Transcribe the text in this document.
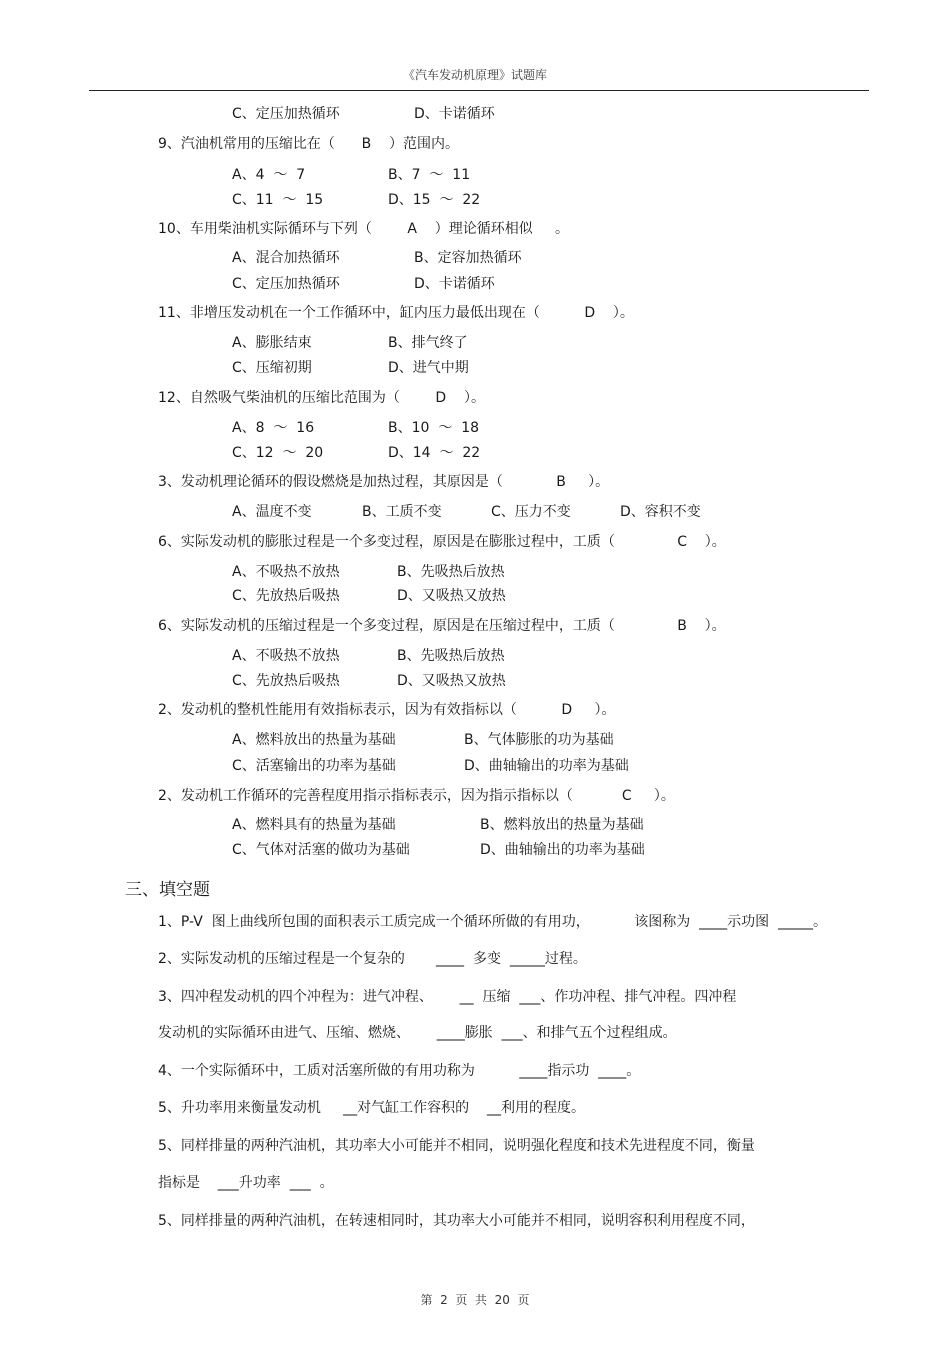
《汽车发动机原理》试题库
C、定压加热循环	D、卡诺循环
9、汽油机常用的压缩比在（      B    ）范围内。
A、4  ～  7	B、7  ～  11
C、11  ～  15	D、15  ～  22
10、车用柴油机实际循环与下列（        A    ）理论循环相似     。
A、混合加热循环	B、定容加热循环
C、定压加热循环	D、卡诺循环
11、非增压发动机在一个工作循环中，缸内压力最低出现在（          D    ）。
A、膨胀结束	B、排气终了
C、压缩初期	D、进气中期
12、自然吸气柴油机的压缩比范围为（        D    ）。
A、8  ～  16	B、10  ～  18
C、12  ～  20	D、14  ～  22
3、发动机理论循环的假设燃烧是加热过程，其原因是（            B     ）。
A、温度不变	B、工质不变	C、压力不变	D、容积不变
6、实际发动机的膨胀过程是一个多变过程，原因是在膨胀过程中，工质（              C    ）。
A、不吸热不放热	B、先吸热后放热
C、先放热后吸热	D、又吸热又放热
6、实际发动机的压缩过程是一个多变过程，原因是在压缩过程中，工质（              B    ）。
A、不吸热不放热	B、先吸热后放热
C、先放热后吸热	D、又吸热又放热
2、发动机的整机性能用有效指标表示，因为有效指标以（          D     ）。
A、燃料放出的热量为基础	B、气体膨胀的功为基础
C、活塞输出的功率为基础	D、曲轴输出的功率为基础
2、发动机工作循环的完善程度用指示指标表示，因为指示指标以（           C     ）。
A、燃料具有的热量为基础	B、燃料放出的热量为基础
C、气体对活塞的做功为基础	D、曲轴输出的功率为基础
三、填空题
1、P-V  图上曲线所包围的面积表示工质完成一个循环所做的有用功，          该图称为  ____示功图  _____。
2、实际发动机的压缩过程是一个复杂的       ____  多变  _____过程。
3、四冲程发动机的四个冲程为：进气冲程、      __  压缩  ___、作功冲程、排气冲程。四冲程
发动机的实际循环由进气、压缩、燃烧、      ____膨胀  ___、和排气五个过程组成。
4、一个实际循环中，工质对活塞所做的有用功称为          ____指示功  ____。
5、升功率用来衡量发动机     __对气缸工作容积的    __利用的程度。
5、同样排量的两种汽油机，其功率大小可能并不相同，说明强化程度和技术先进程度不同，衡量
指标是    ___升功率  ___  。
5、同样排量的两种汽油机，在转速相同时，其功率大小可能并不相同，说明容积利用程度不同，
第  2  页  共  20  页
